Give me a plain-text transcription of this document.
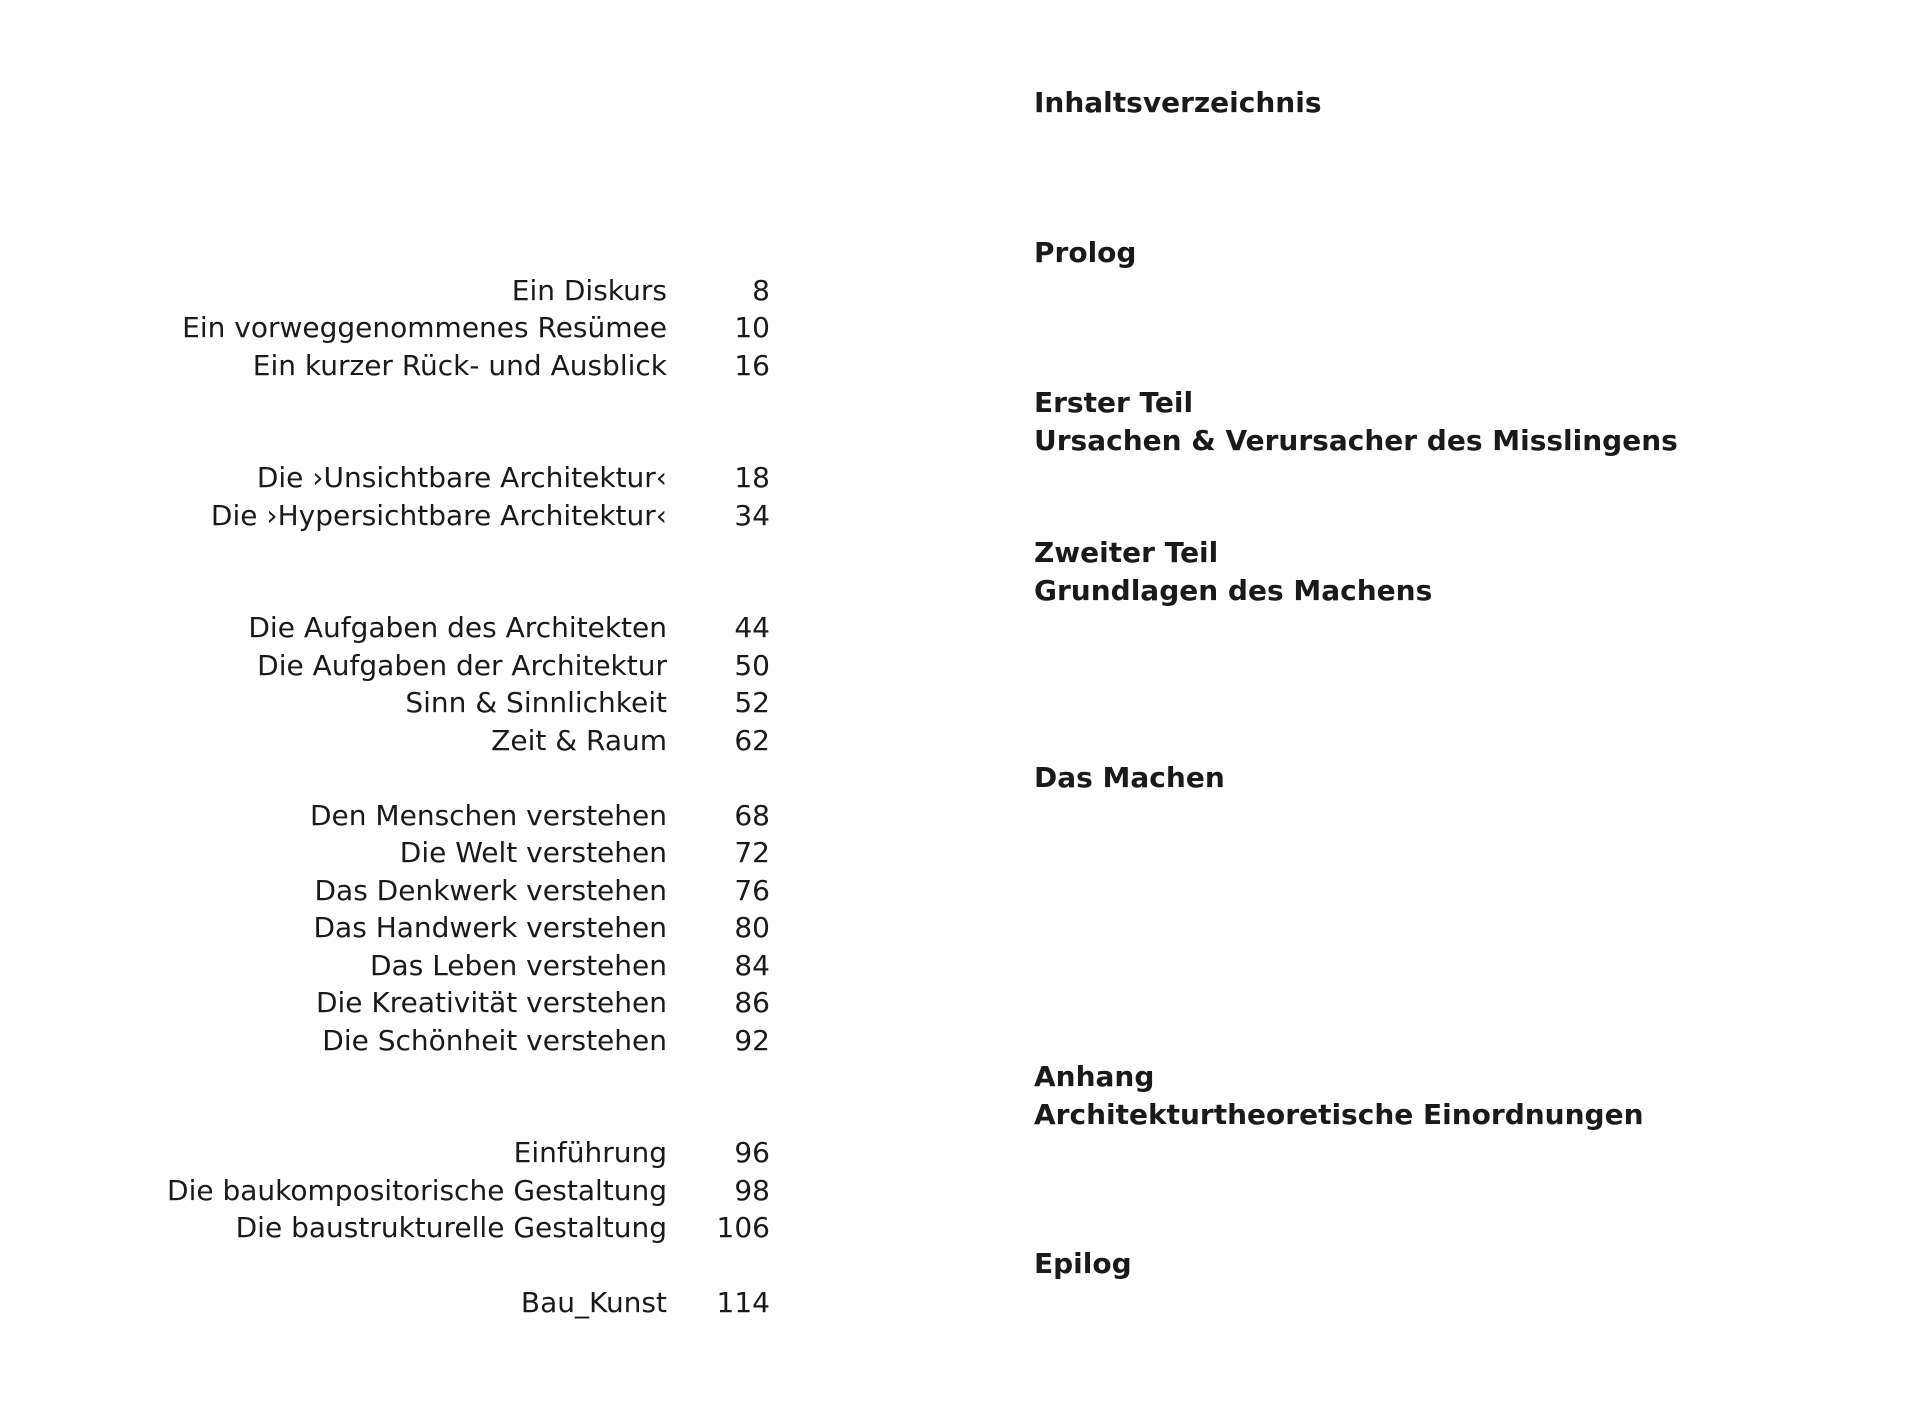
Inhaltsverzeichnis
Prolog
Erster Teil
Ursachen & Verursacher des Misslingens
Zweiter Teil
Grundlagen des Machens
Das Machen
Anhang
Architekturtheoretische Einordnungen
Epilog
Ein Diskurs	8
Ein vorweggenommenes Resümee 10
Ein kurzer Rück- und Ausblick 16
Die ›Unsichtbare Architektur‹ 18
Die ›Hypersichtbare Architektur‹ 34
Die Aufgaben des Architekten 44
Die Aufgaben der Architektur 50
Sinn & Sinnlichkeit 52
Zeit & Raum 62
Den Menschen verstehen 68
Die Welt verstehen 72
Das Denkwerk verstehen 76
Das Handwerk verstehen 80
Das Leben verstehen 84
Die Kreativität verstehen 86
Die Schönheit verstehen 92
Einführung 96
Die baukompositorische Gestaltung 98
Die baustrukturelle Gestaltung 106
Bau_Kunst 114
